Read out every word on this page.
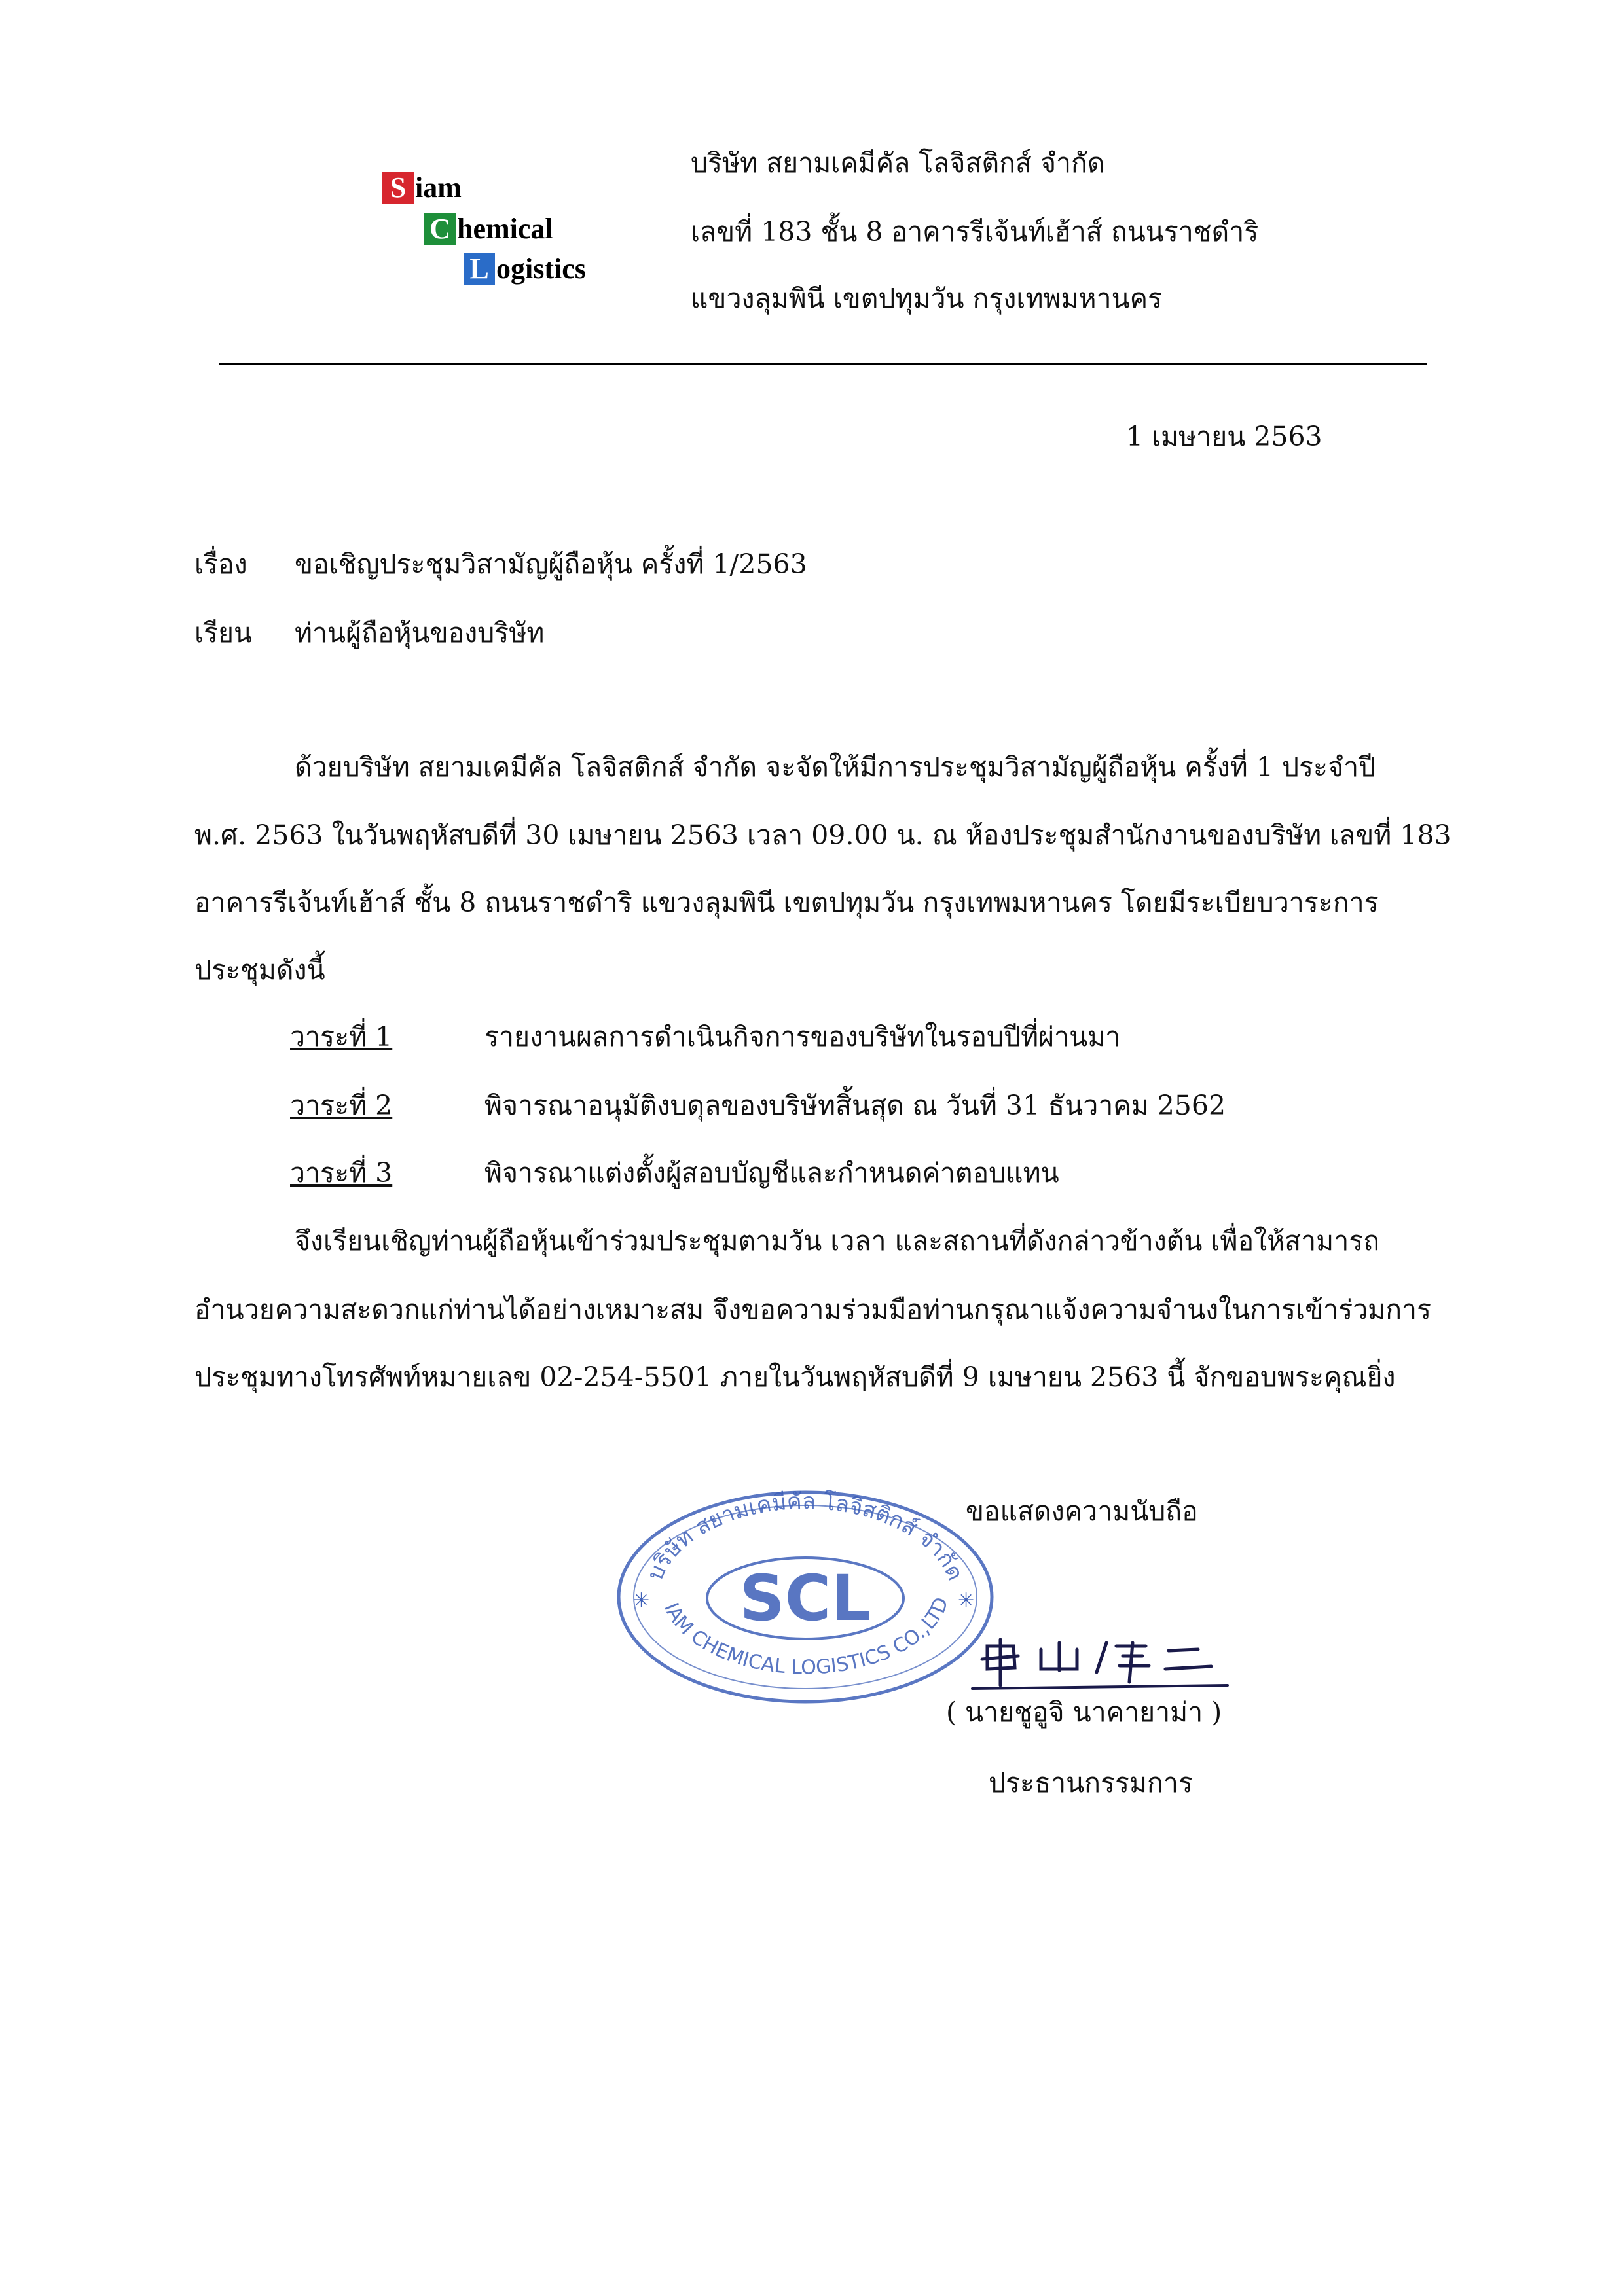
S iam
C hemical
L ogistics
บริษัท สยามเคมีคัล โลจิสติกส์ จำกัด
เลขที่ 183 ชั้น 8 อาคารรีเจ้นท์เฮ้าส์ ถนนราชดำริ
แขวงลุมพินี เขตปทุมวัน กรุงเทพมหานคร
1 เมษายน 2563
เรื่อง ขอเชิญประชุมวิสามัญผู้ถือหุ้น ครั้งที่ 1/2563
เรียน ท่านผู้ถือหุ้นของบริษัท
ด้วยบริษัท สยามเคมีคัล โลจิสติกส์ จำกัด จะจัดให้มีการประชุมวิสามัญผู้ถือหุ้น ครั้งที่ 1 ประจำปี
พ.ศ. 2563 ในวันพฤหัสบดีที่ 30 เมษายน 2563 เวลา 09.00 น. ณ ห้องประชุมสำนักงานของบริษัท เลขที่ 183
อาคารรีเจ้นท์เฮ้าส์ ชั้น 8 ถนนราชดำริ แขวงลุมพินี เขตปทุมวัน กรุงเทพมหานคร โดยมีระเบียบวาระการ
ประชุมดังนี้
วาระที่ 1	รายงานผลการดำเนินกิจการของบริษัทในรอบปีที่ผ่านมา
วาระที่ 2	พิจารณาอนุมัติงบดุลของบริษัทสิ้นสุด ณ วันที่ 31 ธันวาคม 2562
วาระที่ 3	พิจารณาแต่งตั้งผู้สอบบัญชีและกำหนดค่าตอบแทน
จึงเรียนเชิญท่านผู้ถือหุ้นเข้าร่วมประชุมตามวัน เวลา และสถานที่ดังกล่าวข้างต้น เพื่อให้สามารถ
อำนวยความสะดวกแก่ท่านได้อย่างเหมาะสม จึงขอความร่วมมือท่านกรุณาแจ้งความจำนงในการเข้าร่วมการ
ประชุมทางโทรศัพท์หมายเลข 02-254-5501 ภายในวันพฤหัสบดีที่ 9 เมษายน 2563 นี้ จักขอบพระคุณยิ่ง
ขอแสดงความนับถือ
บริษัท สยามเคมีคัล โลจิสติกส์ จำกัด
SCL
IAM CHEMICAL LOGISTICS CO.,LTD
✳	✳
( นายชูอูจิ นาคายาม่า )
ประธานกรรมการ
